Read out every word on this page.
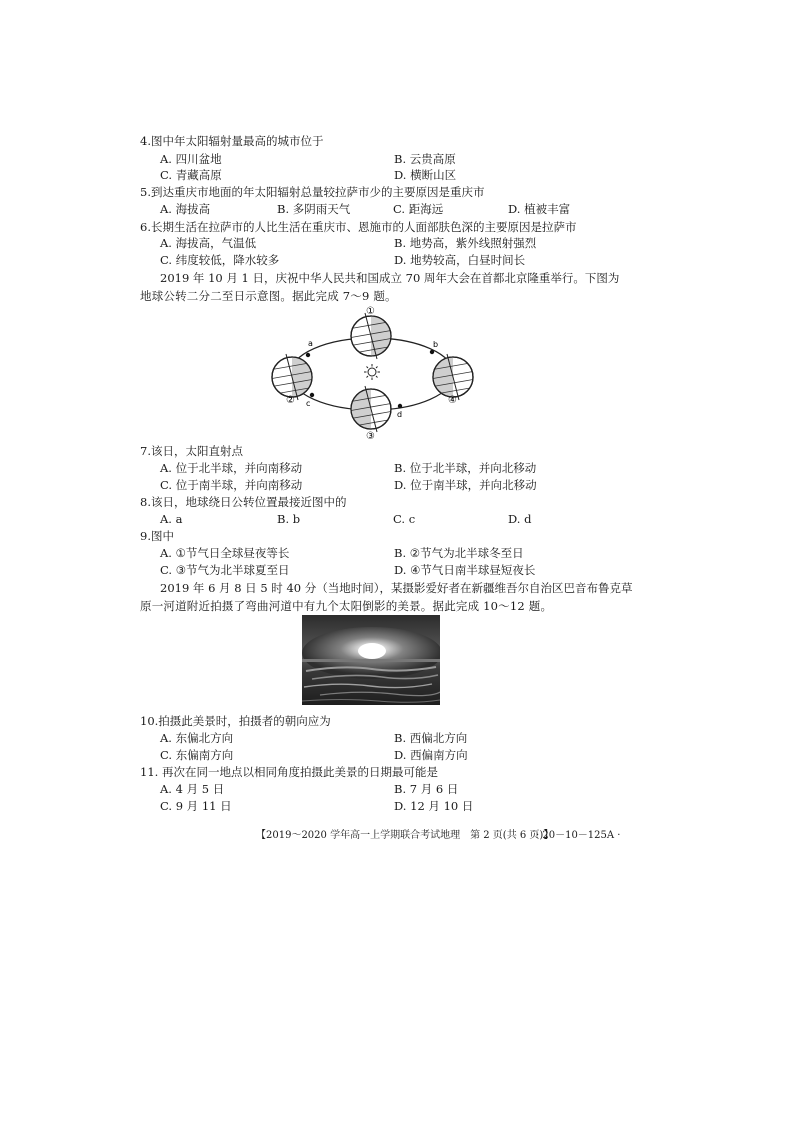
4.图中年太阳辐射量最高的城市位于
A. 四川盆地	B. 云贵高原
C. 青藏高原	D. 横断山区
5.到达重庆市地面的年太阳辐射总量较拉萨市少的主要原因是重庆市
A. 海拔高	B. 多阴雨天气	C. 距海远	D. 植被丰富
6.长期生活在拉萨市的人比生活在重庆市、恩施市的人面部肤色深的主要原因是拉萨市
A. 海拔高，气温低	B. 地势高，紫外线照射强烈
C. 纬度较低，降水较多	D. 地势较高，白昼时间长
2019 年 10 月 1 日，庆祝中华人民共和国成立 70 周年大会在首都北京隆重举行。下图为
地球公转二分二至日示意图。据此完成 7～9 题。
a	b
c
d
①
②
③
④
7.该日，太阳直射点
A. 位于北半球，并向南移动	B. 位于北半球，并向北移动
C. 位于南半球，并向南移动	D. 位于南半球，并向北移动
8.该日，地球绕日公转位置最接近图中的
A. a	B. b	C. c	D. d
9.图中
A. ①节气日全球昼夜等长	B. ②节气为北半球冬至日
C. ③节气为北半球夏至日	D. ④节气日南半球昼短夜长
2019 年 6 月 8 日 5 时 40 分（当地时间），某摄影爱好者在新疆维吾尔自治区巴音布鲁克草
原一河道附近拍摄了弯曲河道中有九个太阳倒影的美景。据此完成 10～12 题。
10.拍摄此美景时，拍摄者的朝向应为
A. 东偏北方向	B. 西偏北方向
C. 东偏南方向	D. 西偏南方向
11. 再次在同一地点以相同角度拍摄此美景的日期最可能是
A. 4 月 5 日	B. 7 月 6 日
C. 9 月 11 日	D. 12 月 10 日
【2019～2020 学年高一上学期联合考试地理　第 2 页(共 6 页)】
· 20－10－125A ·
